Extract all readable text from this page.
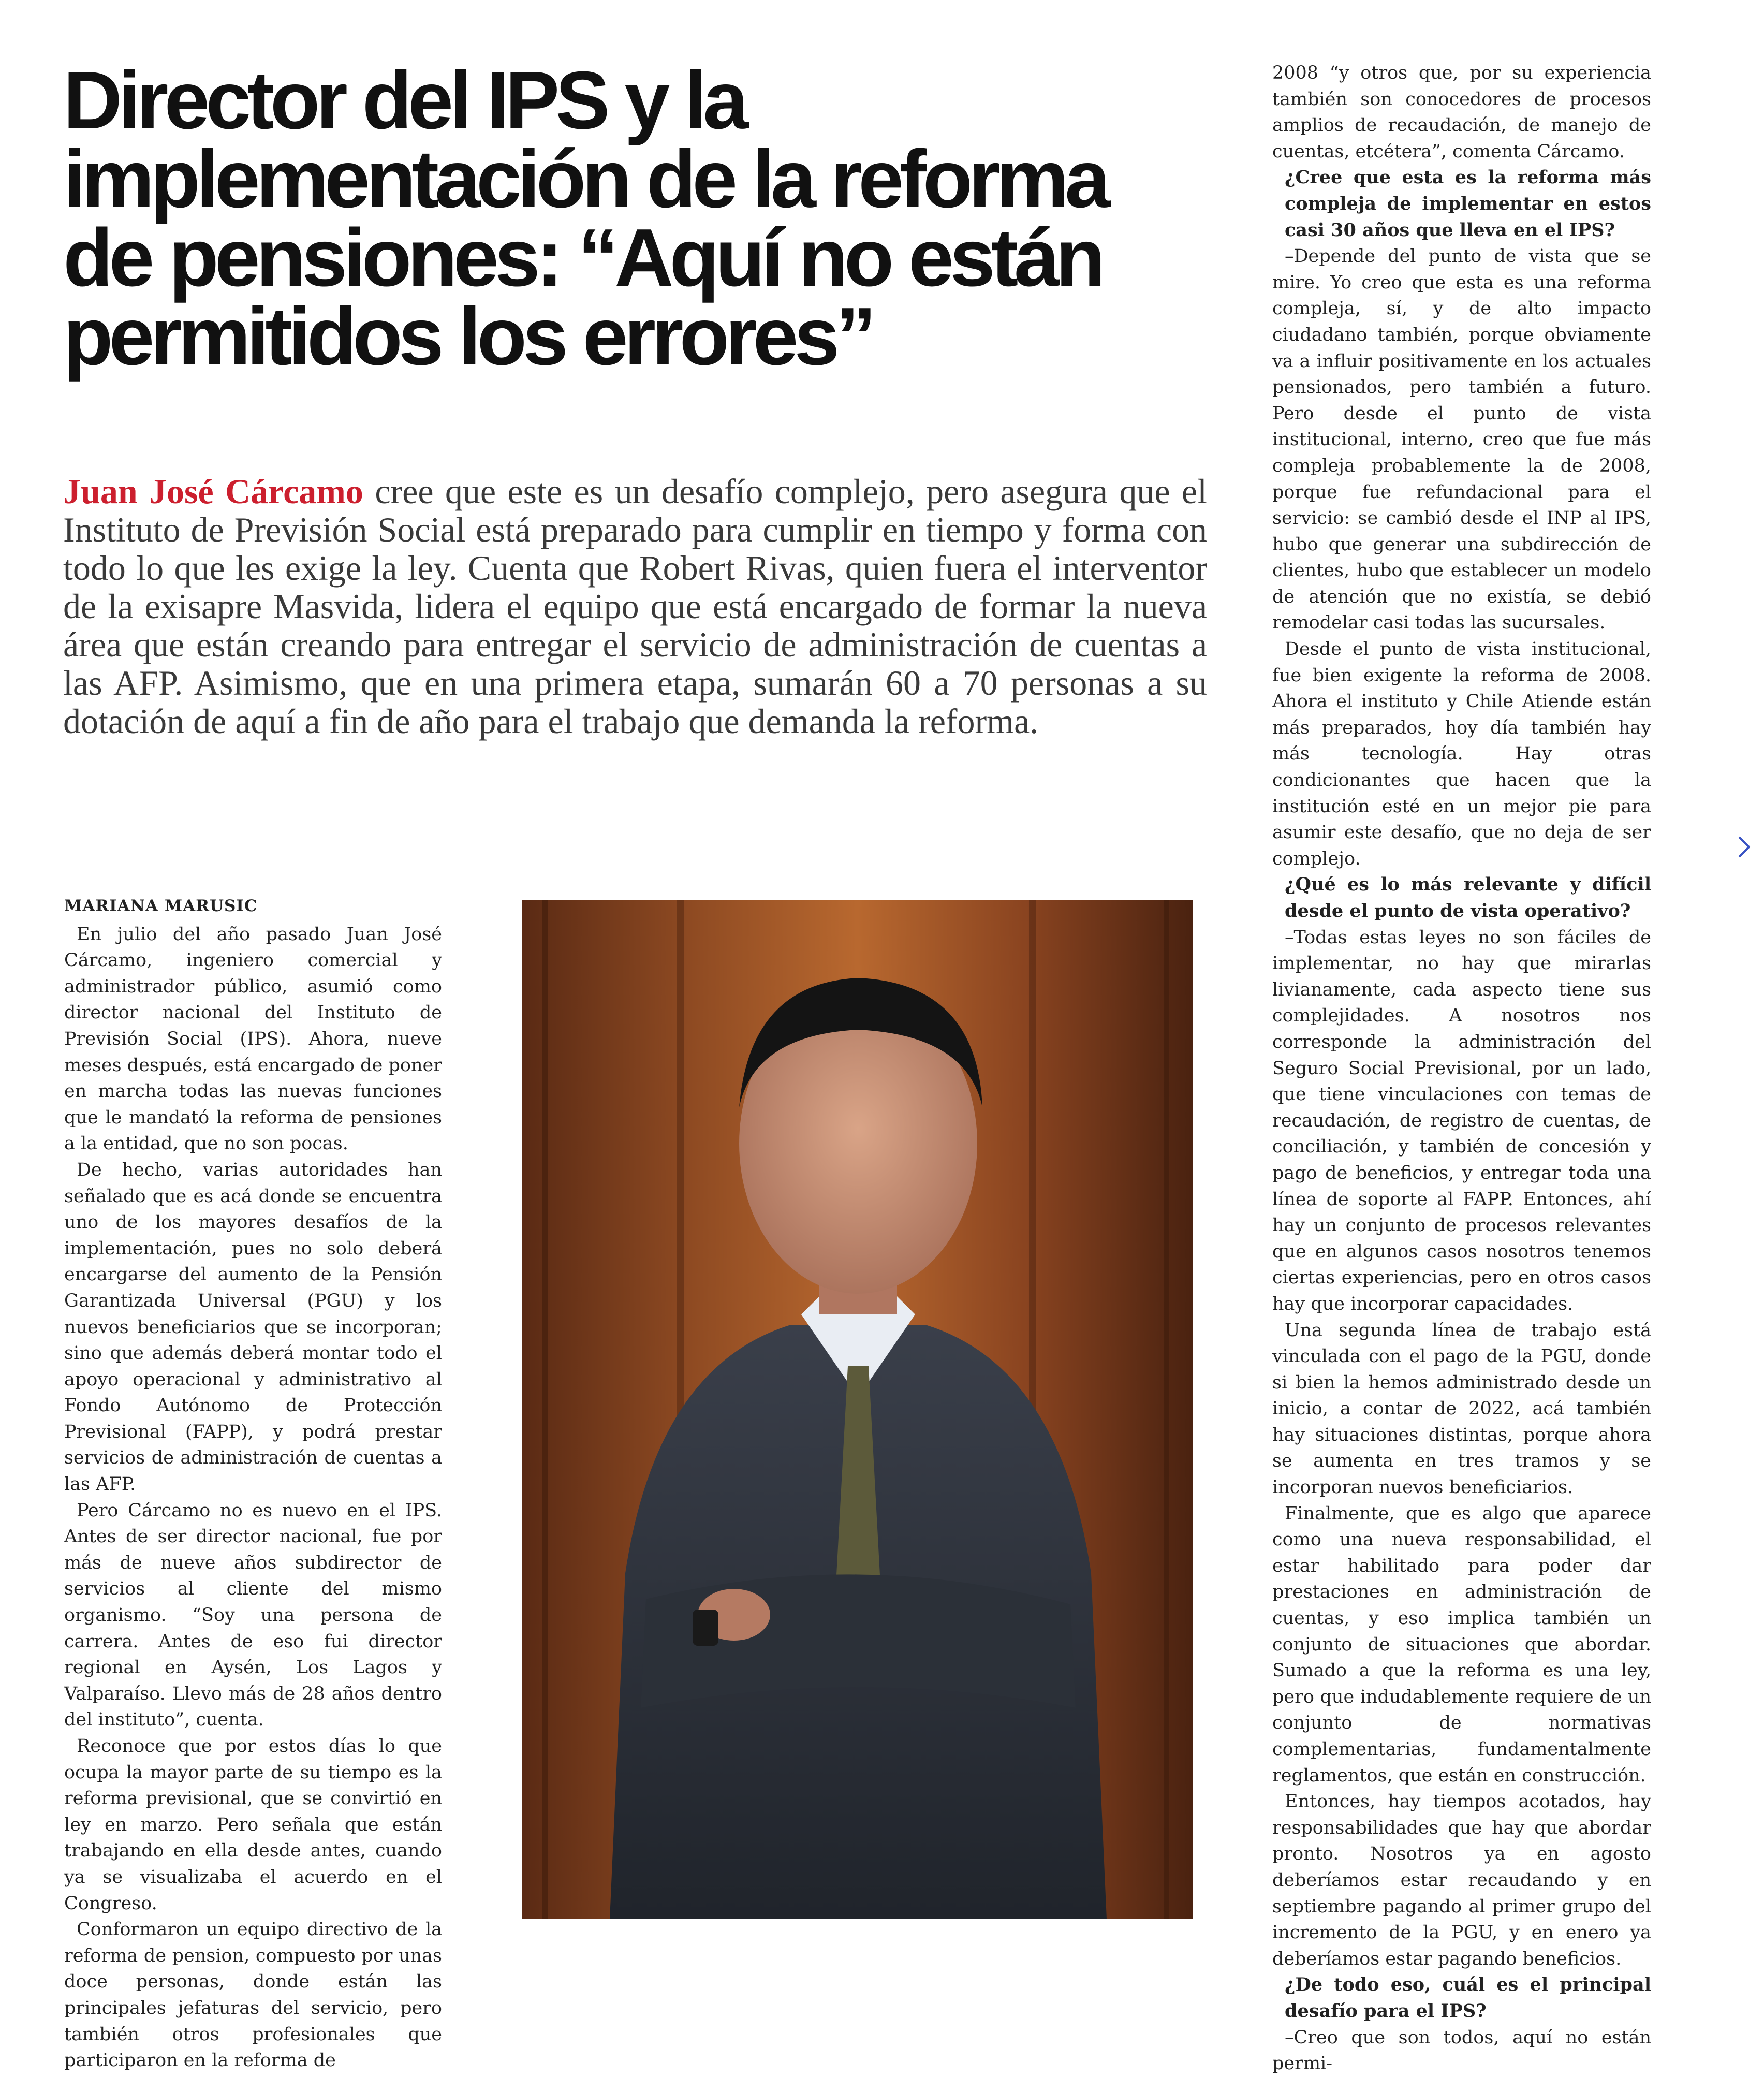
Director del IPS y la
implementación de la reforma
de pensiones: “Aquí no están
permitidos los errores”

Juan José Cárcamo cree que este es un desafío complejo, pero asegura que el Instituto de Previsión Social está preparado para cumplir en tiempo y forma con todo lo que les exige la ley. Cuenta que Robert Rivas, quien fuera el interventor de la exisapre Masvida, lidera el equipo que está encargado de formar la nueva área que están creando para entregar el servicio de administración de cuentas a las AFP. Asimismo, que en una primera etapa, sumarán 60 a 70 personas a su dotación de aquí a fin de año para el trabajo que demanda la reforma.

MARIANA MARUSIC

En julio del año pasado Juan José Cárcamo, ingeniero comercial y administrador público, asumió como director nacional del Instituto de Previsión Social (IPS). Ahora, nueve meses después, está encargado de poner en marcha todas las nuevas funciones que le mandató la reforma de pensiones a la entidad, que no son pocas.

De hecho, varias autoridades han señalado que es acá donde se encuentra uno de los mayores desafíos de la implementación, pues no solo deberá encargarse del aumento de la Pensión Garantizada Universal (PGU) y los nuevos beneficiarios que se incorporan; sino que además deberá montar todo el apoyo operacional y administrativo al Fondo Autónomo de Protección Previsional (FAPP), y podrá prestar servicios de administración de cuentas a las AFP.

Pero Cárcamo no es nuevo en el IPS. Antes de ser director nacional, fue por más de nueve años subdirector de servicios al cliente del mismo organismo. “Soy una persona de carrera. Antes de eso fui director regional en Aysén, Los Lagos y Valparaíso. Llevo más de 28 años dentro del instituto”, cuenta.

Reconoce que por estos días lo que ocupa la mayor parte de su tiempo es la reforma previsional, que se convirtió en ley en marzo. Pero señala que están trabajando en ella desde antes, cuando ya se visualizaba el acuerdo en el Congreso.

Conformaron un equipo directivo de la reforma de pension, compuesto por unas doce personas, donde están las principales jefaturas del servicio, pero también otros profesionales que participaron en la reforma de

2008 “y otros que, por su experiencia también son conocedores de procesos amplios de recaudación, de manejo de cuentas, etcétera”, comenta Cárcamo.

¿Cree que esta es la reforma más compleja de implementar en estos casi 30 años que lleva en el IPS?

–Depende del punto de vista que se mire. Yo creo que esta es una reforma compleja, sí, y de alto impacto ciudadano también, porque obviamente va a influir positivamente en los actuales pensionados, pero también a futuro. Pero desde el punto de vista institucional, interno, creo que fue más compleja probablemente la de 2008, porque fue refundacional para el servicio: se cambió desde el INP al IPS, hubo que generar una subdirección de clientes, hubo que establecer un modelo de atención que no existía, se debió remodelar casi todas las sucursales.

Desde el punto de vista institucional, fue bien exigente la reforma de 2008. Ahora el instituto y Chile Atiende están más preparados, hoy día también hay más tecnología. Hay otras condicionantes que hacen que la institución esté en un mejor pie para asumir este desafío, que no deja de ser complejo.

¿Qué es lo más relevante y difícil desde el punto de vista operativo?

–Todas estas leyes no son fáciles de implementar, no hay que mirarlas livianamente, cada aspecto tiene sus complejidades. A nosotros nos corresponde la administración del Seguro Social Previsional, por un lado, que tiene vinculaciones con temas de recaudación, de registro de cuentas, de conciliación, y también de concesión y pago de beneficios, y entregar toda una línea de soporte al FAPP. Entonces, ahí hay un conjunto de procesos relevantes que en algunos casos nosotros tenemos ciertas experiencias, pero en otros casos hay que incorporar capacidades.

Una segunda línea de trabajo está vinculada con el pago de la PGU, donde si bien la hemos administrado desde un inicio, a contar de 2022, acá también hay situaciones distintas, porque ahora se aumenta en tres tramos y se incorporan nuevos beneficiarios.

Finalmente, que es algo que aparece como una nueva responsabilidad, el estar habilitado para poder dar prestaciones en administración de cuentas, y eso implica también un conjunto de situaciones que abordar. Sumado a que la reforma es una ley, pero que indudablemente requiere de un conjunto de normativas complementarias, fundamentalmente reglamentos, que están en construcción.

Entonces, hay tiempos acotados, hay responsabilidades que hay que abordar pronto. Nosotros ya en agosto deberíamos estar recaudando y en septiembre pagando al primer grupo del incremento de la PGU, y en enero ya deberíamos estar pagando beneficios.

¿De todo eso, cuál es el principal desafío para el IPS?

–Creo que son todos, aquí no están permi-
